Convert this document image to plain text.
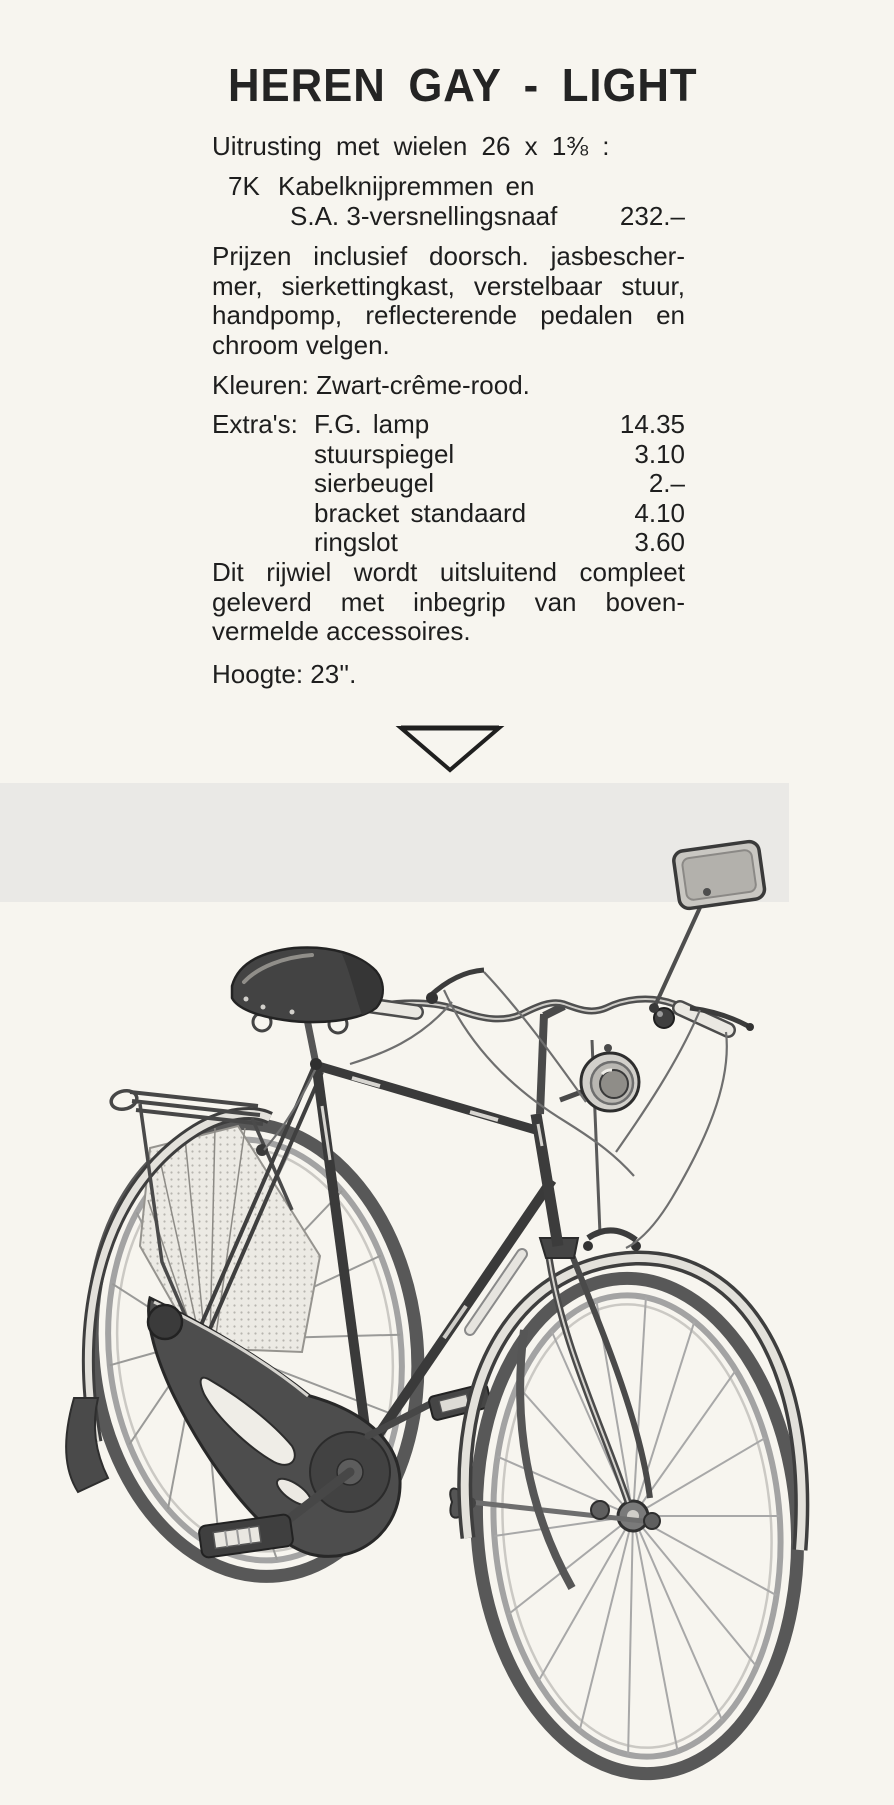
HEREN GAY - LIGHT
Uitrusting met wielen 26 x 1⅜ :
7K Kabelknijpremmen en
S.A. 3-versnellingsnaaf 232.–
Prijzen inclusief doorsch. jasbescher-
mer, sierkettingkast, verstelbaar stuur,
handpomp, reflecterende pedalen en
chroom velgen.
Kleuren: Zwart-crême-rood.
Extra's: F.G. lamp	14.35
stuurspiegel	3.10
sierbeugel	2.–
bracket standaard	4.10
ringslot	3.60
Dit rijwiel wordt uitsluitend compleet
geleverd met inbegrip van boven-
vermelde accessoires.
Hoogte: 23''.
